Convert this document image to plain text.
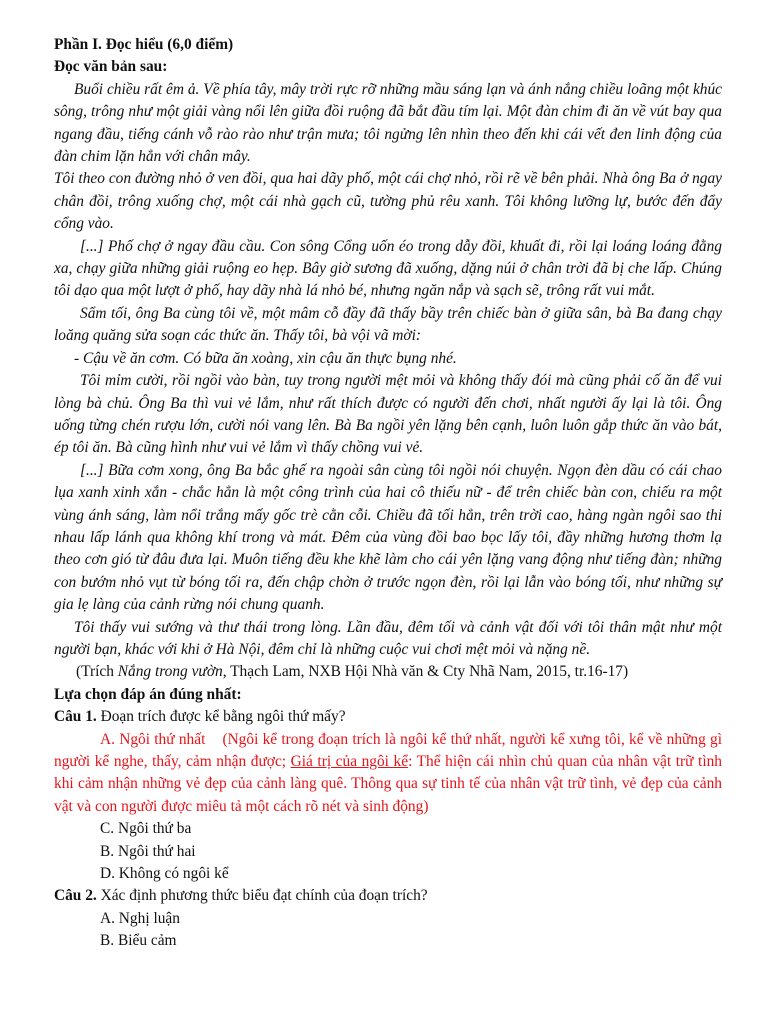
Phần I. Đọc hiểu (6,0 điểm)

Đọc văn bản sau:

Buổi chiều rất êm ả. Về phía tây, mây trời rực rỡ những mầu sáng lạn và ánh nắng chiều loãng một khúc sông, trông như một giải vàng nổi lên giữa đồi ruộng đã bắt đầu tím lại. Một đàn chim đi ăn về vút bay qua ngang đầu, tiếng cánh vỗ rào rào như trận mưa; tôi ngửng lên nhìn theo đến khi cái vết đen linh động của đàn chim lặn hẳn với chân mây.

Tôi theo con đường nhỏ ở ven đồi, qua hai dãy phố, một cái chợ nhỏ, rồi rẽ về bên phải. Nhà ông Ba ở ngay chân đồi, trông xuống chợ, một cái nhà gạch cũ, tường phủ rêu xanh. Tôi không lưỡng lự, bước đến đẩy cổng vào.

[...] Phố chợ ở ngay đầu cầu. Con sông Cổng uốn éo trong dẫy đồi, khuất đi, rồi lại loáng loáng đằng xa, chạy giữa những giải ruộng eo hẹp. Bây giờ sương đã xuống, dặng núi ở chân trời đã bị che lấp. Chúng tôi dạo qua một lượt ở phố, hay dãy nhà lá nhỏ bé, nhưng ngăn nắp và sạch sẽ, trông rất vui mắt.

Sẩm tối, ông Ba cùng tôi về, một mâm cỗ đầy đã thấy bầy trên chiếc bàn ở giữa sân, bà Ba đang chạy loăng quăng sửa soạn các thức ăn. Thấy tôi, bà vội vã mời:

- Cậu về ăn cơm. Có bữa ăn xoàng, xin cậu ăn thực bụng nhé.

Tôi mỉm cười, rồi ngồi vào bàn, tuy trong người mệt mỏi và không thấy đói mà cũng phải cố ăn để vui lòng bà chủ. Ông Ba thì vui vẻ lắm, như rất thích được có người đến chơi, nhất người ấy lại là tôi. Ông uống từng chén rượu lớn, cười nói vang lên. Bà Ba ngồi yên lặng bên cạnh, luôn luôn gắp thức ăn vào bát, ép tôi ăn. Bà cũng hình như vui vẻ lắm vì thấy chồng vui vẻ.

[...] Bữa cơm xong, ông Ba bắc ghế ra ngoài sân cùng tôi ngồi nói chuyện. Ngọn đèn dầu có cái chao lụa xanh xinh xắn - chắc hẳn là một công trình của hai cô thiếu nữ - để trên chiếc bàn con, chiếu ra một vùng ánh sáng, làm nổi trắng mấy gốc trè cằn cỗi. Chiều đã tối hẳn, trên trời cao, hàng ngàn ngôi sao thi nhau lấp lánh qua không khí trong và mát. Đêm của vùng đồi bao bọc lấy tôi, đầy những hương thơm lạ theo cơn gió từ đâu đưa lại. Muôn tiếng đều khe khẽ làm cho cái yên lặng vang động như tiếng đàn; những con bướm nhỏ vụt từ bóng tối ra, đến chập chờn ở trước ngọn đèn, rồi lại lẫn vào bóng tối, như những sự gia lẹ làng của cảnh rừng nói chung quanh.

Tôi thấy vui sướng và thư thái trong lòng. Lần đầu, đêm tối và cảnh vật đối với tôi thân mật như một người bạn, khác với khi ở Hà Nội, đêm chỉ là những cuộc vui chơi mệt mỏi và nặng nề.

(Trích Nắng trong vườn, Thạch Lam, NXB Hội Nhà văn & Cty Nhã Nam, 2015, tr.16-17)

Lựa chọn đáp án đúng nhất:

Câu 1. Đoạn trích được kể bằng ngôi thứ mấy?

A. Ngôi thứ nhất (Ngôi kể trong đoạn trích là ngôi kể thứ nhất, người kể xưng tôi, kể về những gì người kể nghe, thấy, cảm nhận được; Giá trị của ngôi kể: Thể hiện cái nhìn chủ quan của nhân vật trữ tình khi cảm nhận những vẻ đẹp của cảnh làng quê. Thông qua sự tinh tế của nhân vật trữ tình, vẻ đẹp của cảnh vật và con người được miêu tả một cách rõ nét và sinh động)

C. Ngôi thứ ba

B. Ngôi thứ hai

D. Không có ngôi kể

Câu 2. Xác định phương thức biểu đạt chính của đoạn trích?

A. Nghị luận

B. Biểu cảm
